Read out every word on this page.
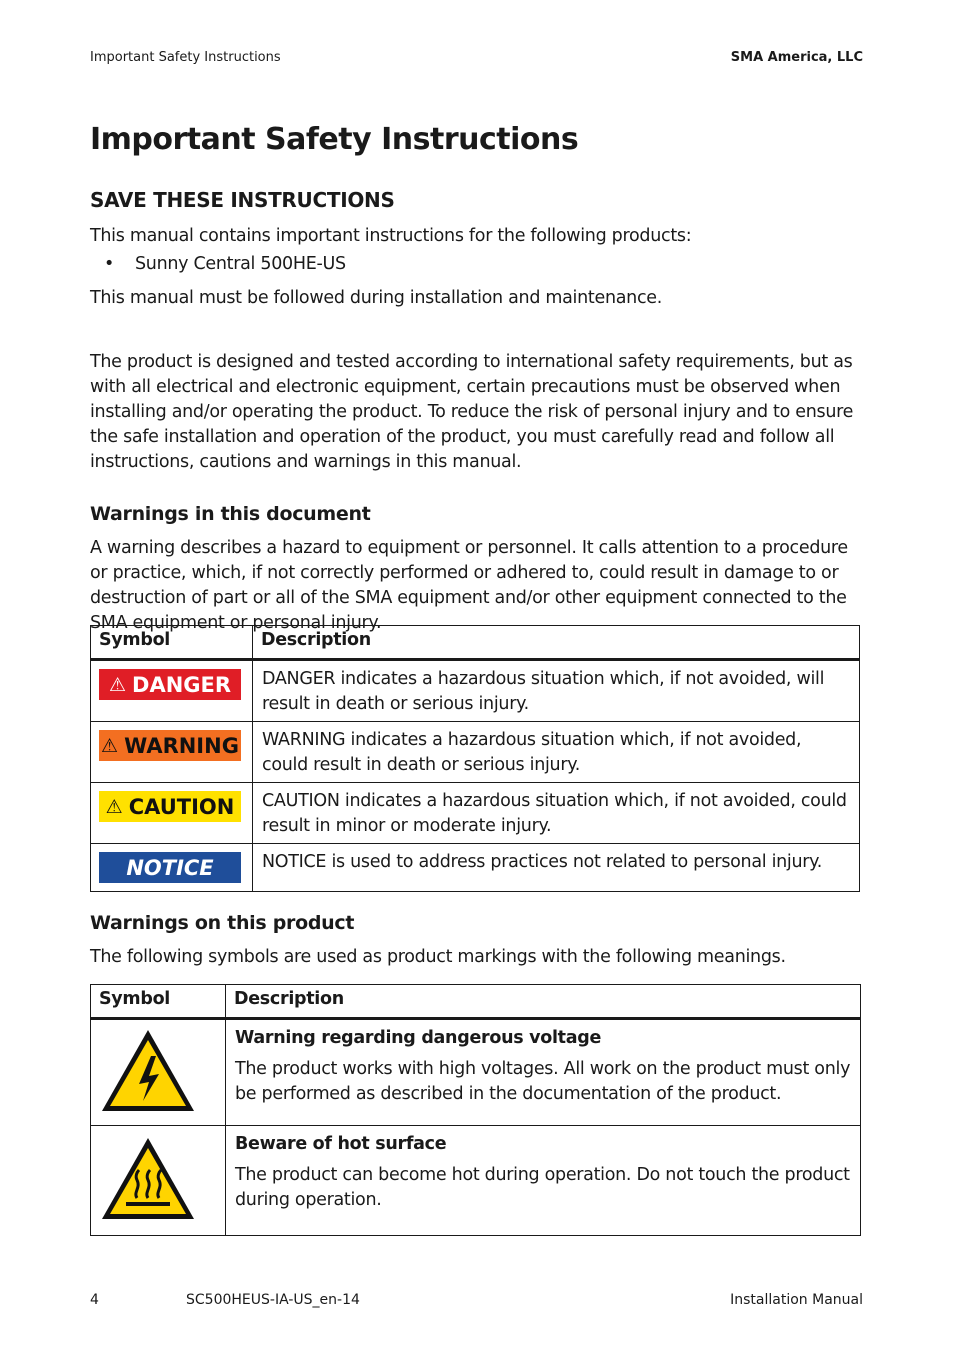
Important Safety Instructions	SMA America, LLC
Important Safety Instructions
SAVE THESE INSTRUCTIONS
This manual contains important instructions for the following products:
• Sunny Central 500HE-US
This manual must be followed during installation and maintenance.
The product is designed and tested according to international safety requirements, but as with all electrical and electronic equipment, certain precautions must be observed when installing and/or operating the product. To reduce the risk of personal injury and to ensure the safe installation and operation of the product, you must carefully read and follow all instructions, cautions and warnings in this manual.
Warnings in this document
A warning describes a hazard to equipment or personnel. It calls attention to a procedure or practice, which, if not correctly performed or adhered to, could result in damage to or destruction of part or all of the SMA equipment and/or other equipment connected to the SMA equipment or personal injury.
Symbol	Description

⚠ DANGER	DANGER indicates a hazardous situation which, if not avoided, will result in death or serious injury.

⚠ WARNING	WARNING indicates a hazardous situation which, if not avoided, could result in death or serious injury.

⚠ CAUTION	CAUTION indicates a hazardous situation which, if not avoided, could result in minor or moderate injury.

NOTICE	NOTICE is used to address practices not related to personal injury.
Warnings on this product
The following symbols are used as product markings with the following meanings.
Symbol	Description

Warning regarding dangerous voltage
The product works with high voltages. All work on the product must only be performed as described in the documentation of the product.

Beware of hot surface
The product can become hot during operation. Do not touch the product during operation.
4	SC500HEUS-IA-US_en-14	Installation Manual
